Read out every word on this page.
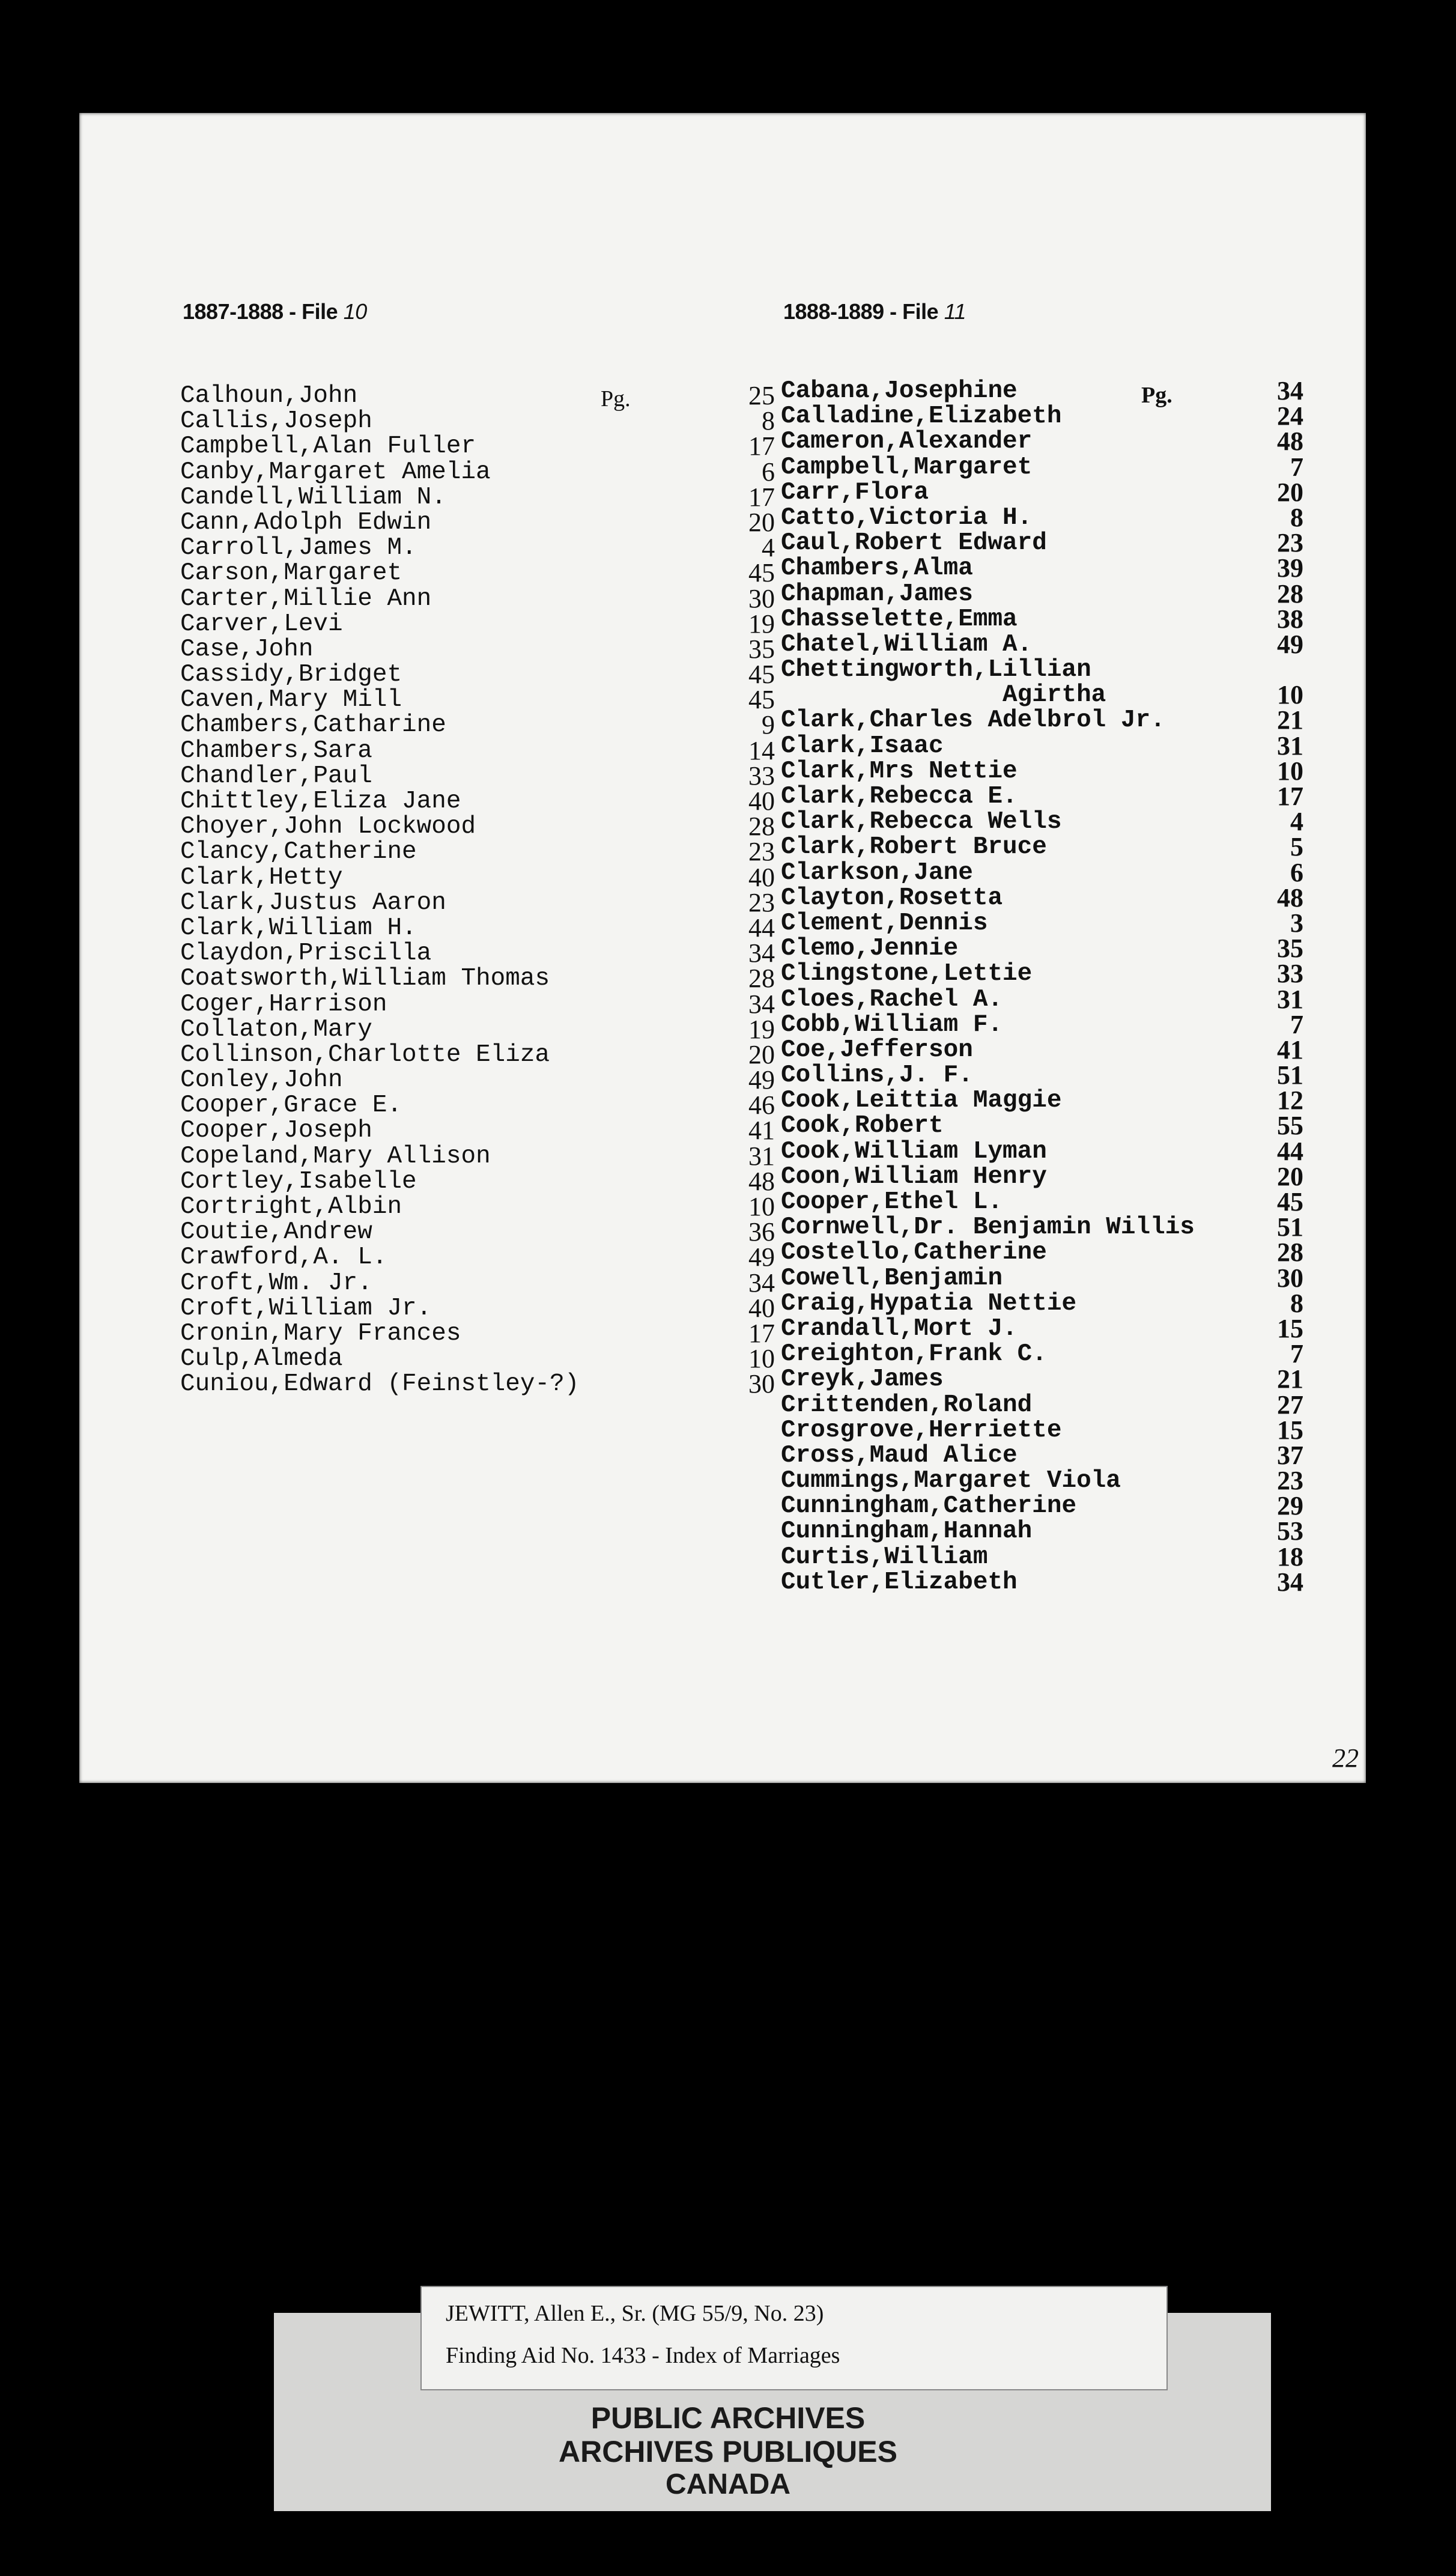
1887-1888 - File 10	1888-1889 - File 11
Pg.	Pg.
Calhoun,John	25
Callis,Joseph	8
Campbell,Alan Fuller	17
Canby,Margaret Amelia	6
Candell,William N.	17
Cann,Adolph Edwin	20
Carroll,James M.	4
Carson,Margaret	45
Carter,Millie Ann	30
Carver,Levi	19
Case,John	35
Cassidy,Bridget	45
Caven,Mary Mill	45
Chambers,Catharine	9
Chambers,Sara	14
Chandler,Paul	33
Chittley,Eliza Jane	40
Choyer,John Lockwood	28
Clancy,Catherine	23
Clark,Hetty	40
Clark,Justus Aaron	23
Clark,William H.	44
Claydon,Priscilla	34
Coatsworth,William Thomas	28
Coger,Harrison	34
Collaton,Mary	19
Collinson,Charlotte Eliza	20
Conley,John	49
Cooper,Grace E.	46
Cooper,Joseph	41
Copeland,Mary Allison	31
Cortley,Isabelle	48
Cortright,Albin	10
Coutie,Andrew	36
Crawford,A. L.	49
Croft,Wm. Jr.	34
Croft,William Jr.	40
Cronin,Mary Frances	17
Culp,Almeda	10
Cuniou,Edward (Feinstley-?)	30
Cabana,Josephine	34
Calladine,Elizabeth	24
Cameron,Alexander	48
Campbell,Margaret	7
Carr,Flora	20
Catto,Victoria H.	8
Caul,Robert Edward	23
Chambers,Alma	39
Chapman,James	28
Chasselette,Emma	38
Chatel,William A.	49
Chettingworth,Lillian
Agirtha	10
Clark,Charles Adelbrol Jr.	21
Clark,Isaac	31
Clark,Mrs Nettie	10
Clark,Rebecca E.	17
Clark,Rebecca Wells	4
Clark,Robert Bruce	5
Clarkson,Jane	6
Clayton,Rosetta	48
Clement,Dennis	3
Clemo,Jennie	35
Clingstone,Lettie	33
Cloes,Rachel A.	31
Cobb,William F.	7
Coe,Jefferson	41
Collins,J. F.	51
Cook,Leittia Maggie	12
Cook,Robert	55
Cook,William Lyman	44
Coon,William Henry	20
Cooper,Ethel L.	45
Cornwell,Dr. Benjamin Willis	51
Costello,Catherine	28
Cowell,Benjamin	30
Craig,Hypatia Nettie	8
Crandall,Mort J.	15
Creighton,Frank C.	7
Creyk,James	21
Crittenden,Roland	27
Crosgrove,Herriette	15
Cross,Maud Alice	37
Cummings,Margaret Viola	23
Cunningham,Catherine	29
Cunningham,Hannah	53
Curtis,William	18
Cutler,Elizabeth	34
22
JEWITT, Allen E., Sr. (MG 55/9, No. 23)
Finding Aid No. 1433 - Index of Marriages
PUBLIC ARCHIVES
ARCHIVES PUBLIQUES
CANADA
